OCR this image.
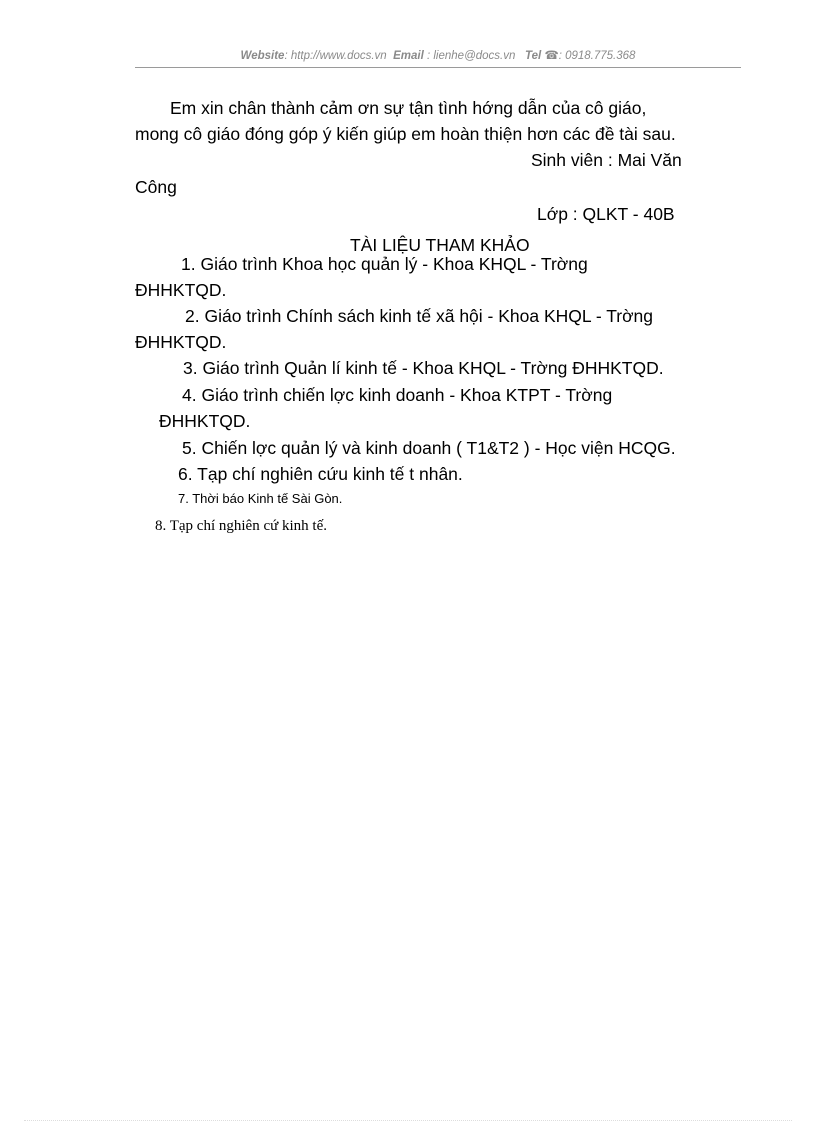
Website: http://www.docs.vn Email : lienhe@docs.vn Tel ☎: 0918.775.368
Em xin chân thành cảm ơn sự tận tình hớng dẫn của cô giáo,
mong cô giáo đóng góp ý kiến giúp em hoàn thiện hơn các đề tài sau.
Sinh viên : Mai Văn
Công
Lớp : QLKT - 40B
TÀI LIỆU THAM KHẢO
1. Giáo trình Khoa học quản lý - Khoa KHQL - Trờng
ĐHHKTQD.
2. Giáo trình Chính sách kinh tế xã hội - Khoa KHQL - Trờng
ĐHHKTQD.
3. Giáo trình Quản lí kinh tế - Khoa KHQL - Trờng ĐHHKTQD.
4. Giáo trình chiến lợc kinh doanh - Khoa KTPT - Trờng
ĐHHKTQD.
5. Chiến lợc quản lý và kinh doanh ( T1&T2 ) - Học viện HCQG.
6. Tạp chí nghiên cứu kinh tế t nhân.
7. Thời báo Kinh tế Sài Gòn.
8. Tạp chí nghiên cứ kinh tế.
